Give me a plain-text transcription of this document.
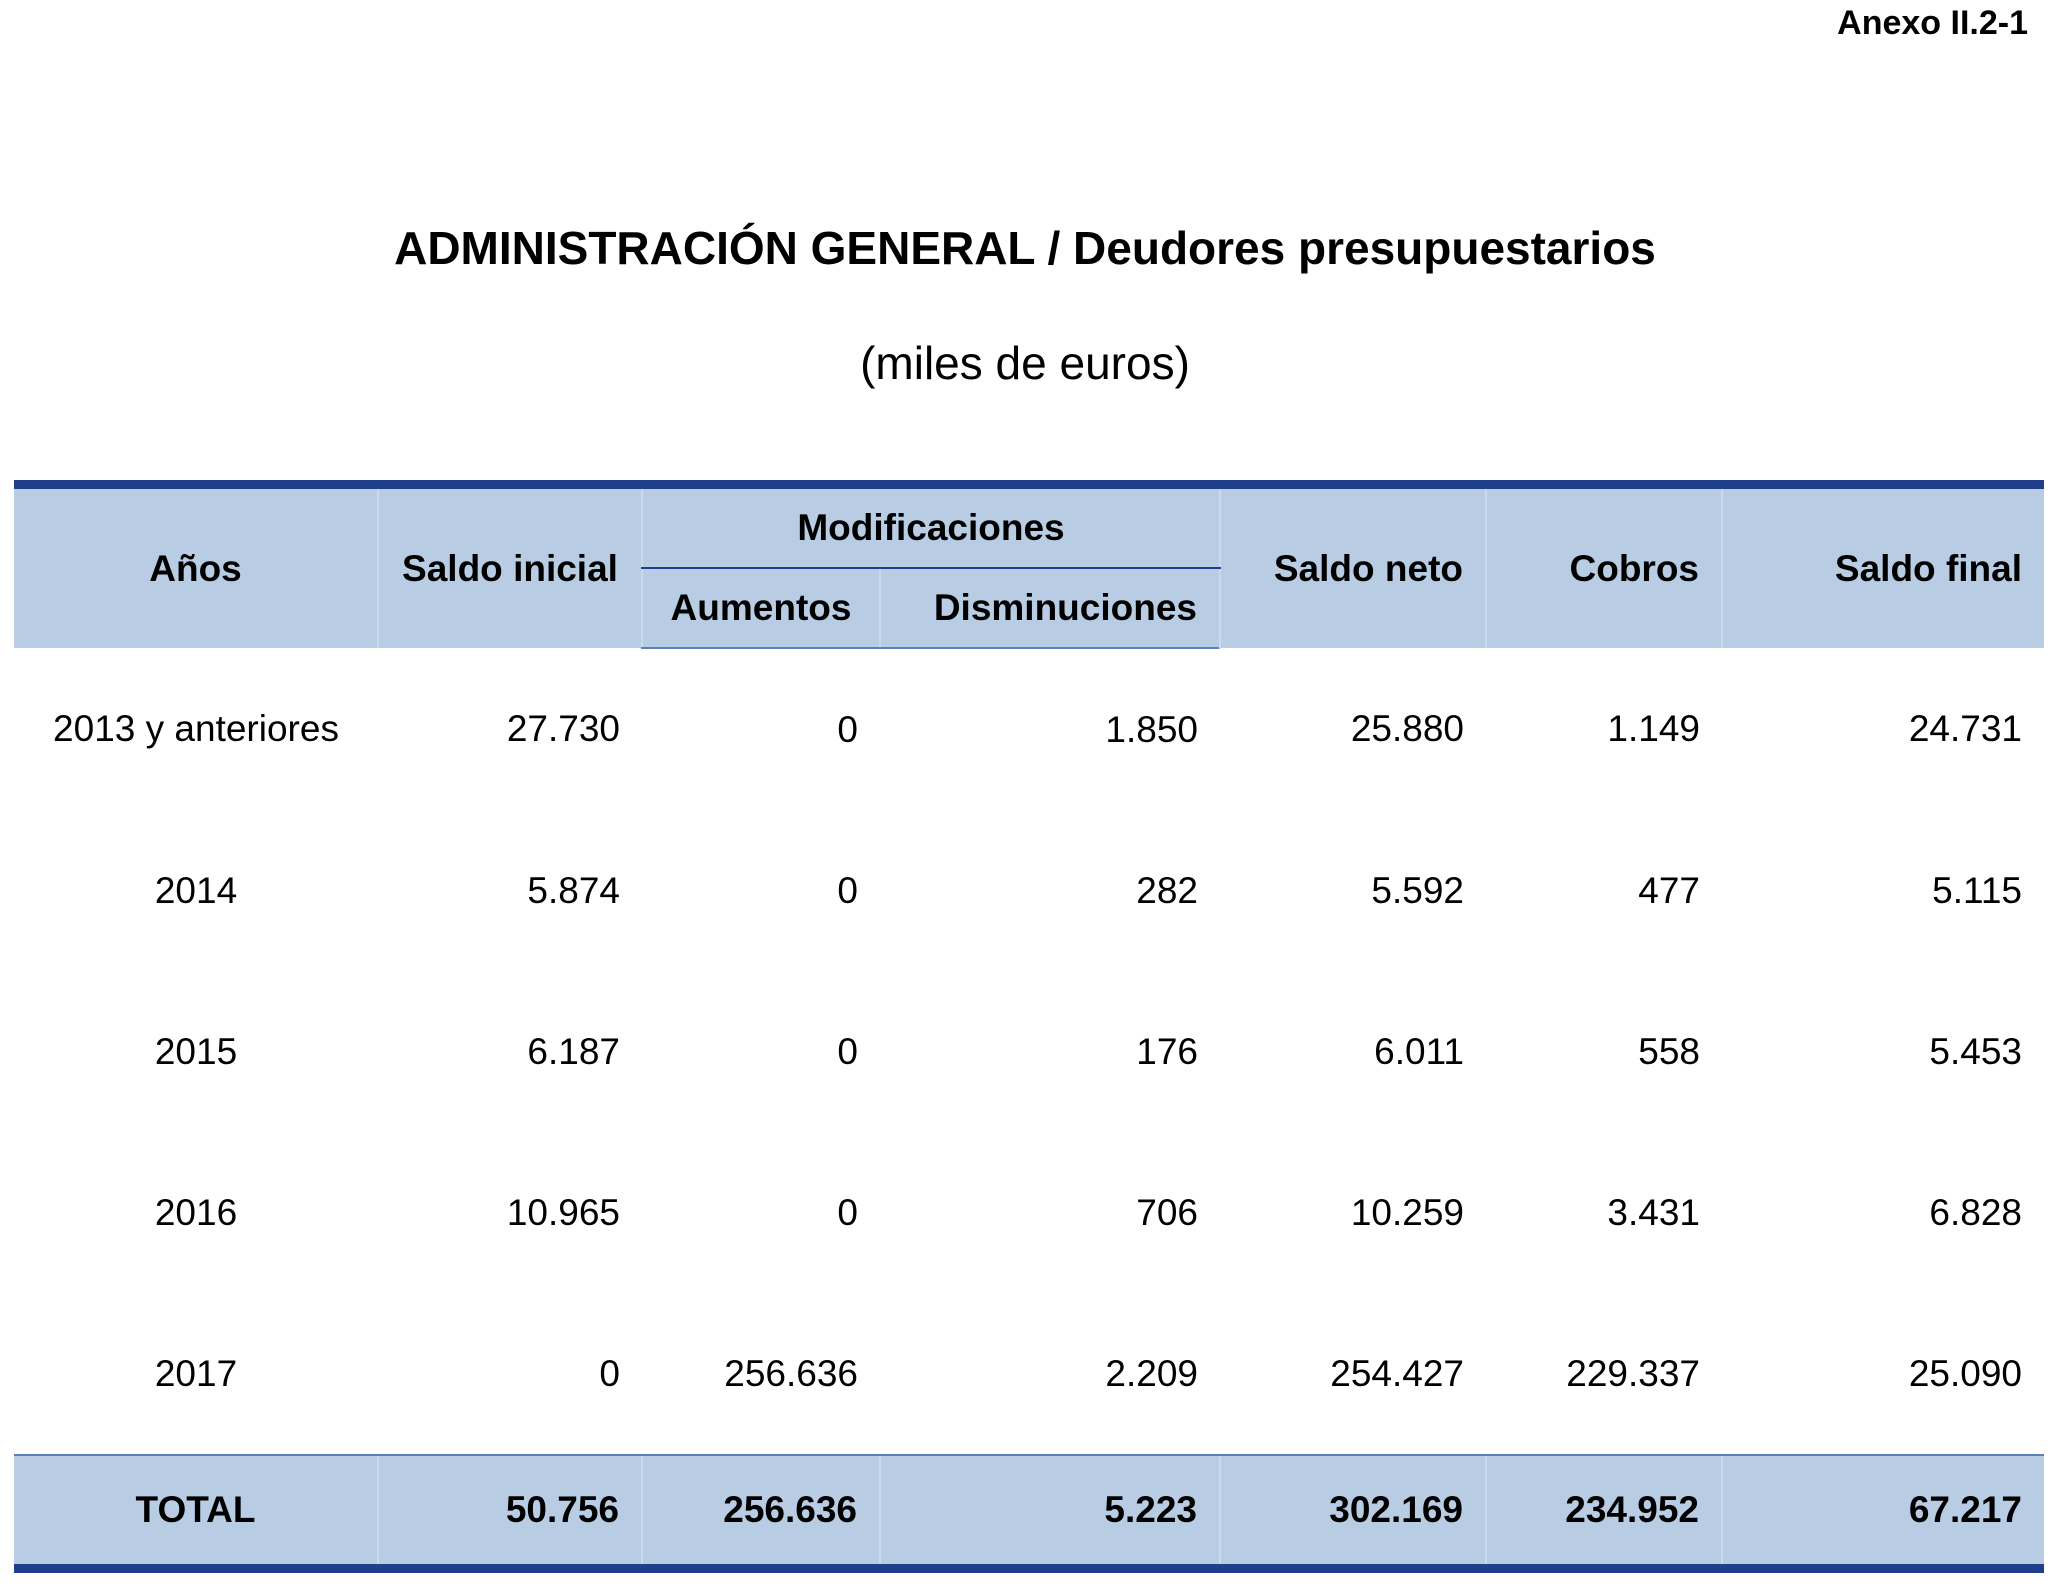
Anexo II.2-1
ADMINISTRACIÓN GENERAL / Deudores presupuestarios
(miles de euros)
Años	Saldo inicial	Modificaciones		Saldo neto	Cobros	Saldo final
		Aumentos	Disminuciones			
2013 y anteriores	27.730	0	1.850	25.880	1.149	24.731
2014	5.874	0	282	5.592	477	5.115
2015	6.187	0	176	6.011	558	5.453
2016	10.965	0	706	10.259	3.431	6.828
2017	0	256.636	2.209	254.427	229.337	25.090
TOTAL	50.756	256.636	5.223	302.169	234.952	67.217
